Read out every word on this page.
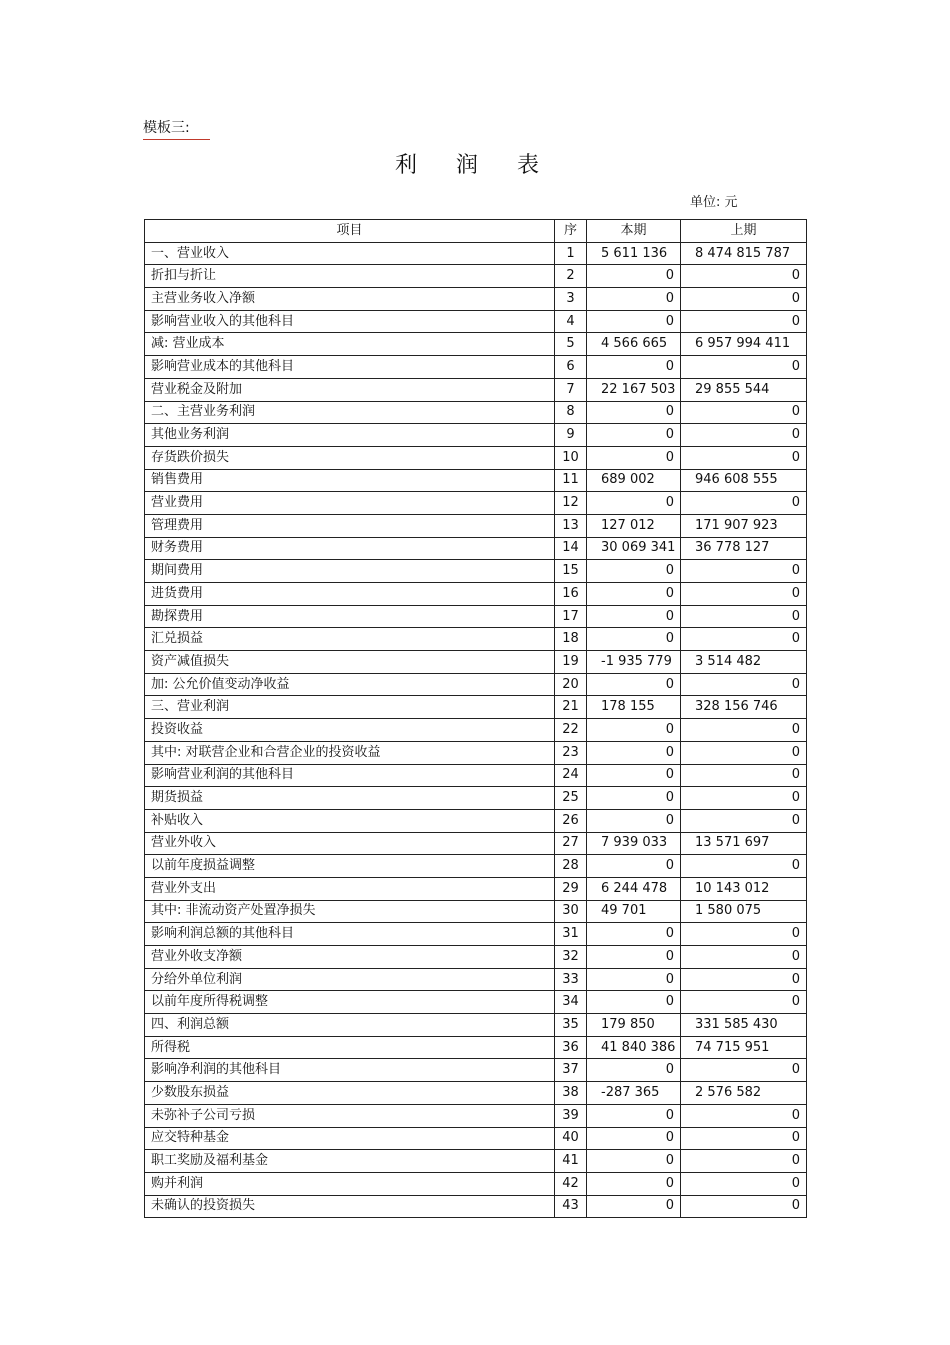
模板三:
利 润 表
单位: 元
项目	序	本期	上期
一、营业收入	1	5 611 136	8 474 815 787
折扣与折让	2	0	0
主营业务收入净额	3	0	0
影响营业收入的其他科目	4	0	0
减: 营业成本	5	4 566 665	6 957 994 411
影响营业成本的其他科目	6	0	0
营业税金及附加	7	22 167 503	29 855 544
二、主营业务利润	8	0	0
其他业务利润	9	0	0
存货跌价损失	10	0	0
销售费用	11	689 002	946 608 555
营业费用	12	0	0
管理费用	13	127 012	171 907 923
财务费用	14	30 069 341	36 778 127
期间费用	15	0	0
进货费用	16	0	0
勘探费用	17	0	0
汇兑损益	18	0	0
资产减值损失	19	-1 935 779	3 514 482
加: 公允价值变动净收益	20	0	0
三、营业利润	21	178 155	328 156 746
投资收益	22	0	0
其中: 对联营企业和合营企业的投资收益	23	0	0
影响营业利润的其他科目	24	0	0
期货损益	25	0	0
补贴收入	26	0	0
营业外收入	27	7 939 033	13 571 697
以前年度损益调整	28	0	0
营业外支出	29	6 244 478	10 143 012
其中: 非流动资产处置净损失	30	49 701	1 580 075
影响利润总额的其他科目	31	0	0
营业外收支净额	32	0	0
分给外单位利润	33	0	0
以前年度所得税调整	34	0	0
四、利润总额	35	179 850	331 585 430
所得税	36	41 840 386	74 715 951
影响净利润的其他科目	37	0	0
少数股东损益	38	-287 365	2 576 582
未弥补子公司亏损	39	0	0
应交特种基金	40	0	0
职工奖励及福利基金	41	0	0
购并利润	42	0	0
未确认的投资损失	43	0	0
